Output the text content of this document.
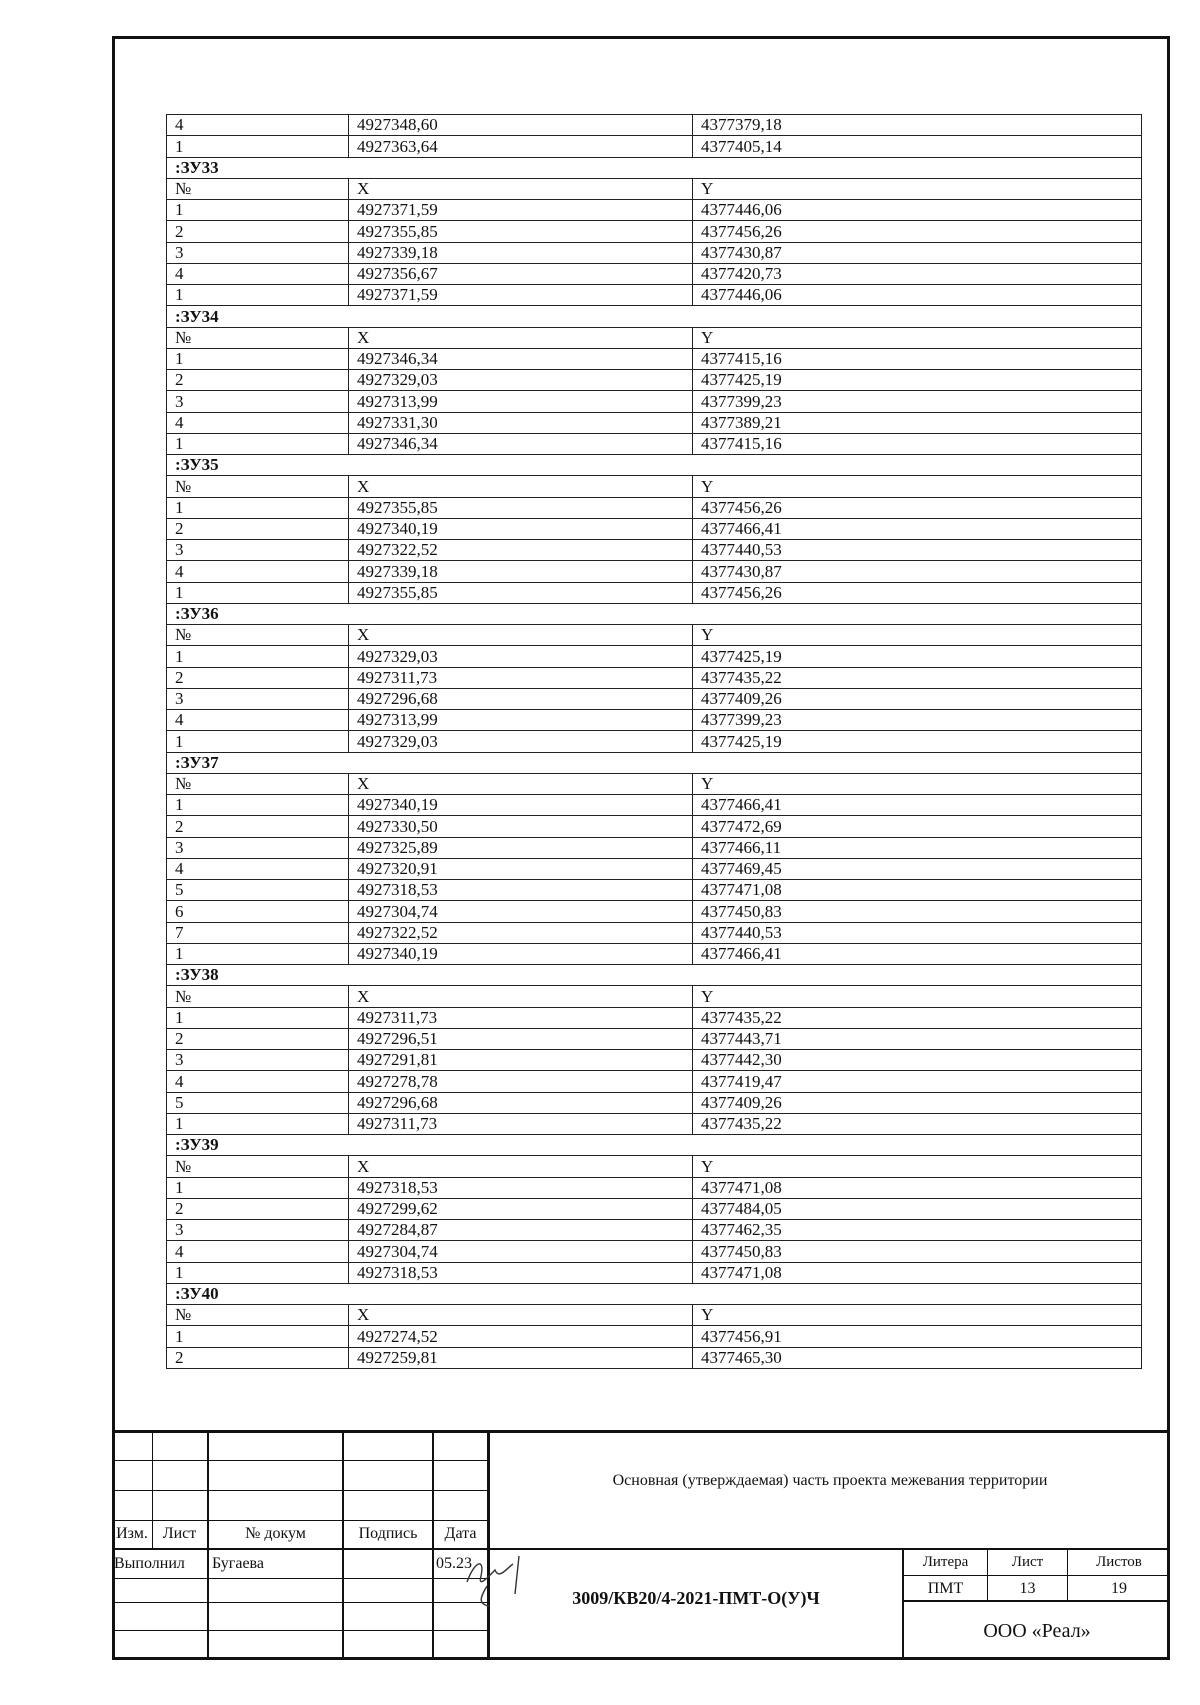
4	4927348,60	4377379,18
1	4927363,64	4377405,14
:ЗУ33		
№	X	Y
1	4927371,59	4377446,06
2	4927355,85	4377456,26
3	4927339,18	4377430,87
4	4927356,67	4377420,73
1	4927371,59	4377446,06
:ЗУ34		
№	X	Y
1	4927346,34	4377415,16
2	4927329,03	4377425,19
3	4927313,99	4377399,23
4	4927331,30	4377389,21
1	4927346,34	4377415,16
:ЗУ35		
№	X	Y
1	4927355,85	4377456,26
2	4927340,19	4377466,41
3	4927322,52	4377440,53
4	4927339,18	4377430,87
1	4927355,85	4377456,26
:ЗУ36		
№	X	Y
1	4927329,03	4377425,19
2	4927311,73	4377435,22
3	4927296,68	4377409,26
4	4927313,99	4377399,23
1	4927329,03	4377425,19
:ЗУ37		
№	X	Y
1	4927340,19	4377466,41
2	4927330,50	4377472,69
3	4927325,89	4377466,11
4	4927320,91	4377469,45
5	4927318,53	4377471,08
6	4927304,74	4377450,83
7	4927322,52	4377440,53
1	4927340,19	4377466,41
:ЗУ38		
№	X	Y
1	4927311,73	4377435,22
2	4927296,51	4377443,71
3	4927291,81	4377442,30
4	4927278,78	4377419,47
5	4927296,68	4377409,26
1	4927311,73	4377435,22
:ЗУ39		
№	X	Y
1	4927318,53	4377471,08
2	4927299,62	4377484,05
3	4927284,87	4377462,35
4	4927304,74	4377450,83
1	4927318,53	4377471,08
:ЗУ40		
№	X	Y
1	4927274,52	4377456,91
2	4927259,81	4377465,30
Изм. Лист	№ докум	Подпись	Дата
Выполнил Бугаева	05.23
Основная (утверждаемая) часть проекта межевания территории
3009/КВ20/4-2021-ПМТ-О(У)Ч
Литера	Лист	Листов
ПМТ	13	19
ООО «Реал»
